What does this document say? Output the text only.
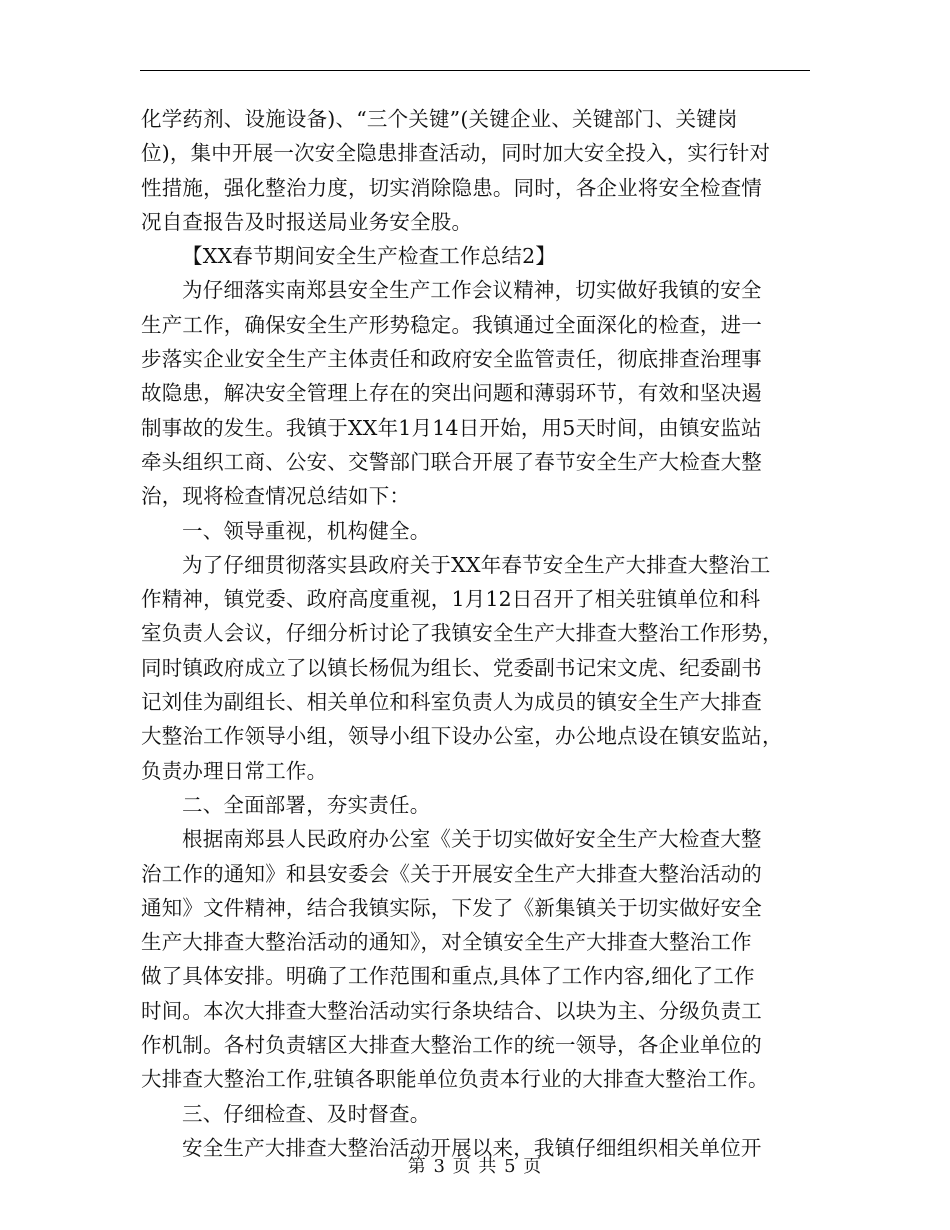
化学药剂、设施设备)、“三个关键”(关键企业、关键部门、关键岗
位)，集中开展一次安全隐患排查活动，同时加大安全投入，实行针对
性措施，强化整治力度，切实消除隐患。同时，各企业将安全检查情
况自查报告及时报送局业务安全股。
【XX春节期间安全生产检查工作总结2】
为仔细落实南郑县安全生产工作会议精神，切实做好我镇的安全
生产工作，确保安全生产形势稳定。我镇通过全面深化的检查，进一
步落实企业安全生产主体责任和政府安全监管责任，彻底排查治理事
故隐患，解决安全管理上存在的突出问题和薄弱环节，有效和坚决遏
制事故的发生。我镇于XX年1月14日开始，用5天时间，由镇安监站
牵头组织工商、公安、交警部门联合开展了春节安全生产大检查大整
治，现将检查情况总结如下：
一、领导重视，机构健全。
为了仔细贯彻落实县政府关于XX年春节安全生产大排查大整治工
作精神，镇党委、政府高度重视，1月12日召开了相关驻镇单位和科
室负责人会议，仔细分析讨论了我镇安全生产大排查大整治工作形势，
同时镇政府成立了以镇长杨侃为组长、党委副书记宋文虎、纪委副书
记刘佳为副组长、相关单位和科室负责人为成员的镇安全生产大排查
大整治工作领导小组，领导小组下设办公室，办公地点设在镇安监站，
负责办理日常工作。
二、全面部署，夯实责任。
根据南郑县人民政府办公室《关于切实做好安全生产大检查大整
治工作的通知》和县安委会《关于开展安全生产大排查大整治活动的
通知》文件精神，结合我镇实际，下发了《新集镇关于切实做好安全
生产大排查大整治活动的通知》，对全镇安全生产大排查大整治工作
做了具体安排。明确了工作范围和重点,具体了工作内容,细化了工作
时间。本次大排查大整治活动实行条块结合、以块为主、分级负责工
作机制。各村负责辖区大排查大整治工作的统一领导，各企业单位的
大排查大整治工作,驻镇各职能单位负责本行业的大排查大整治工作。
三、仔细检查、及时督查。
安全生产大排查大整治活动开展以来，我镇仔细组织相关单位开
第 3 页 共 5 页
